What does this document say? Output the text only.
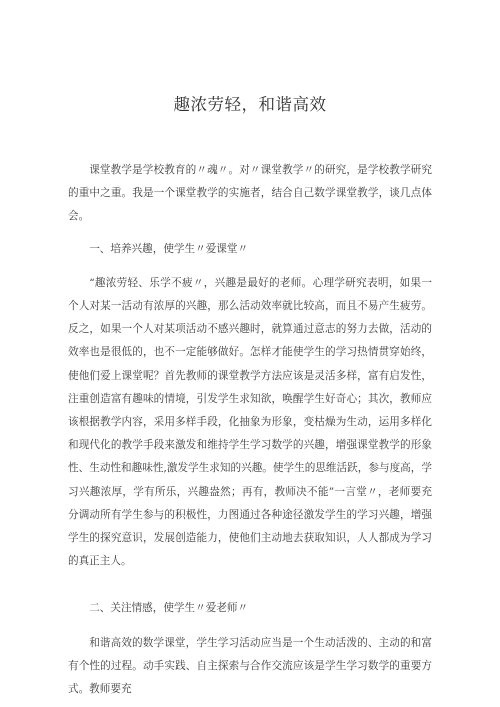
趣浓劳轻，和谐高效

课堂教学是学校教育的〃魂〃。对〃课堂教学〃的研究，是学校教学研究的重中之重。我是一个课堂教学的实施者，结合自己数学课堂教学，谈几点体会。

一、培养兴趣，使学生〃爱课堂〃

“趣浓劳轻、乐学不疲〃，兴趣是最好的老师。心理学研究表明，如果一个人对某一活动有浓厚的兴趣，那么活动效率就比较高，而且不易产生疲劳。反之，如果一个人对某项活动不感兴趣时，就算通过意志的努力去做，活动的效率也是很低的，也不一定能够做好。怎样才能使学生的学习热情贯穿始终，使他们爱上课堂呢？首先教师的课堂教学方法应该是灵活多样，富有启发性，注重创造富有趣味的情境，引发学生求知欲，唤醒学生好奇心；其次，教师应该根据教学内容，采用多样手段，化抽象为形象，变枯燥为生动，运用多样化和现代化的教学手段来激发和维持学生学习数学的兴趣，增强课堂教学的形象性、生动性和趣味性,激发学生求知的兴趣。使学生的思维活跃，参与度高，学习兴趣浓厚，学有所乐，兴趣盎然；再有，教师决不能”一言堂〃，老师要充分调动所有学生参与的积极性，力图通过各种途径激发学生的学习兴趣，增强学生的探究意识，发展创造能力，使他们主动地去获取知识，人人都成为学习的真正主人。

二、关注情感，使学生〃爱老师〃

和谐高效的数学课堂，学生学习活动应当是一个生动活泼的、主动的和富有个性的过程。动手实践、自主探索与合作交流应该是学生学习数学的重要方式。教师要充
